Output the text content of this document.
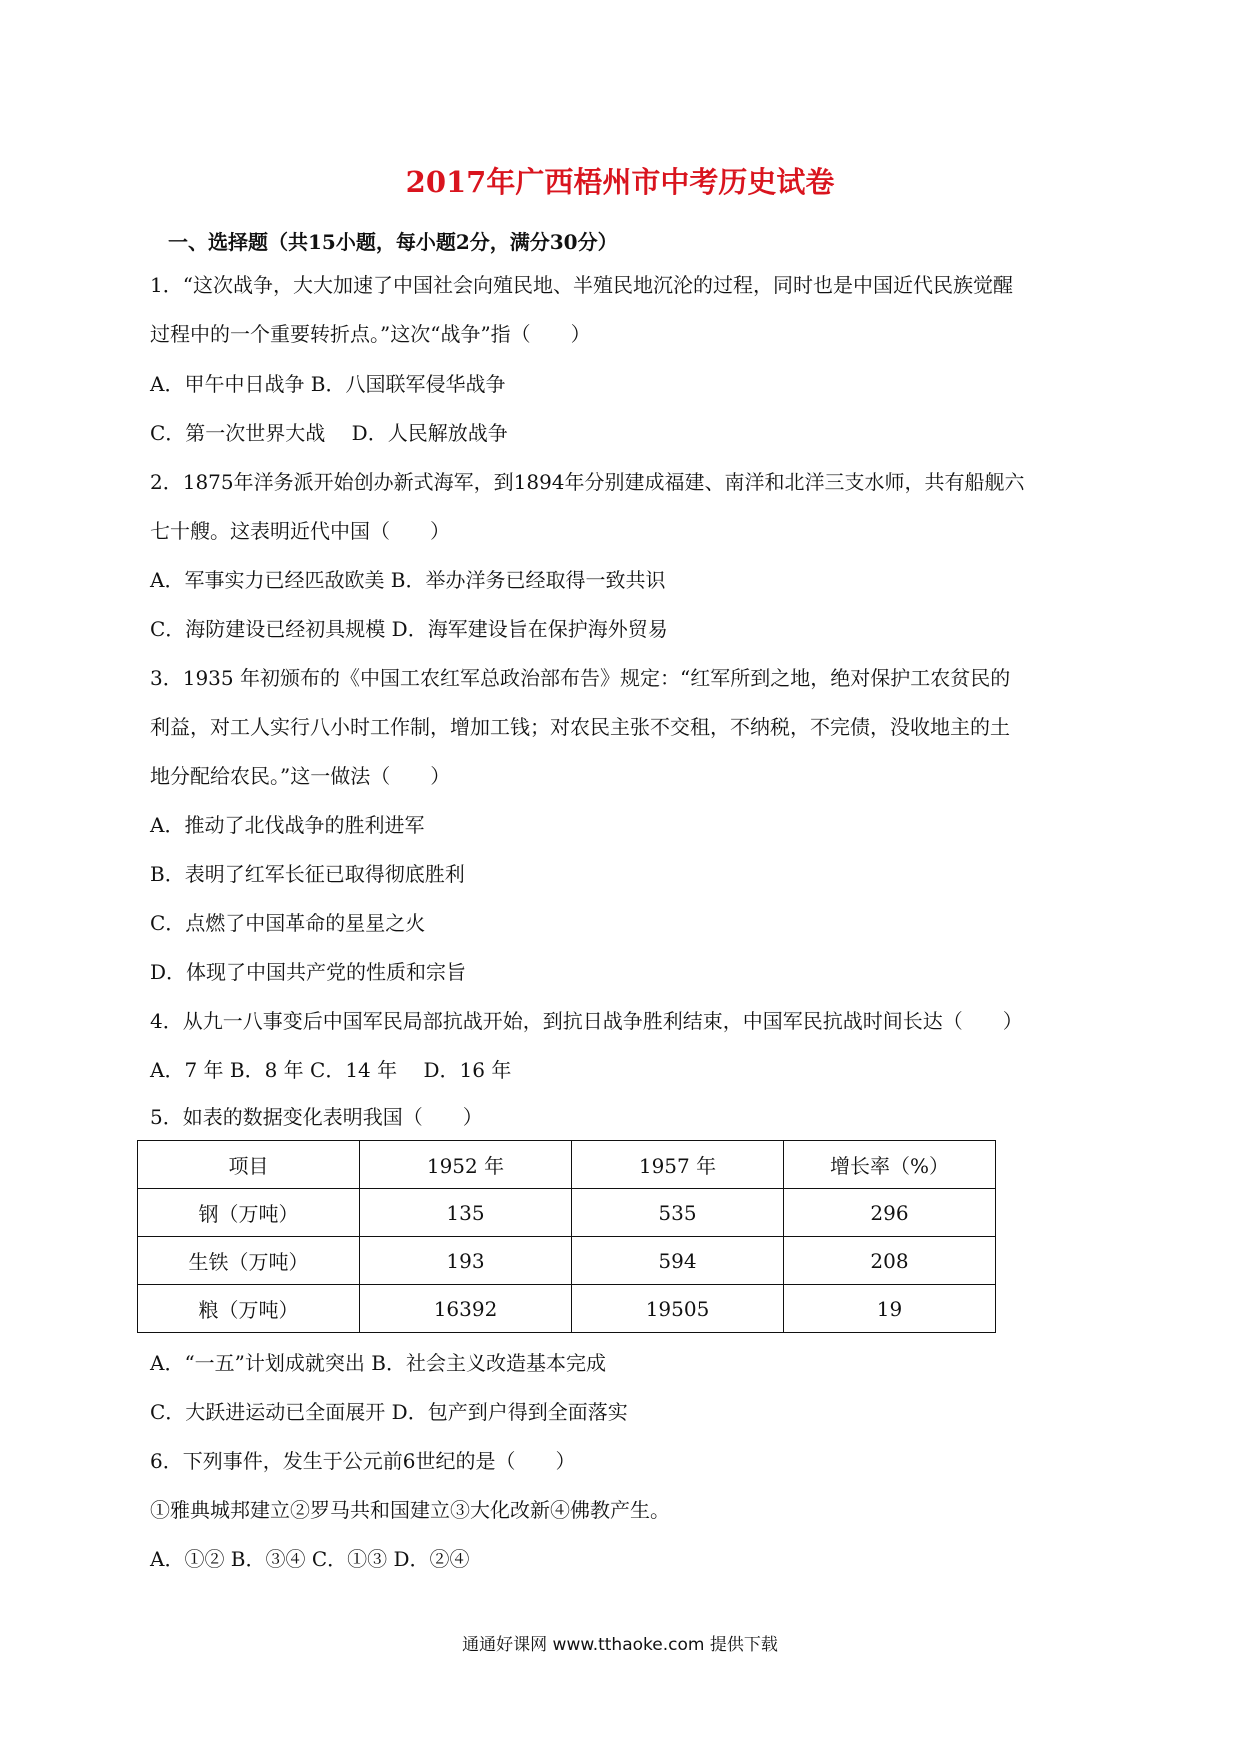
2017年广西梧州市中考历史试卷
一、选择题（共15小题，每小题2分，满分30分）
1．“这次战争，大大加速了中国社会向殖民地、半殖民地沉沦的过程，同时也是中国近代民族觉醒
过程中的一个重要转折点。”这次“战争”指（　　）
A．甲午中日战争 B．八国联军侵华战争
C．第一次世界大战　 D．人民解放战争
2．1875年洋务派开始创办新式海军，到1894年分别建成福建、南洋和北洋三支水师，共有船舰六
七十艘。这表明近代中国（　　）
A．军事实力已经匹敌欧美 B．举办洋务已经取得一致共识
C．海防建设已经初具规模 D．海军建设旨在保护海外贸易
3．1935 年初颁布的《中国工农红军总政治部布告》规定：“红军所到之地，绝对保护工农贫民的
利益，对工人实行八小时工作制，增加工钱；对农民主张不交租，不纳税，不完债，没收地主的土
地分配给农民。”这一做法（　　）
A．推动了北伐战争的胜利进军
B．表明了红军长征已取得彻底胜利
C．点燃了中国革命的星星之火
D．体现了中国共产党的性质和宗旨
4．从九一八事变后中国军民局部抗战开始，到抗日战争胜利结束，中国军民抗战时间长达（　　）
A．7 年 B．8 年 C．14 年　 D．16 年
5．如表的数据变化表明我国（　　）
项目	1952 年	1957 年	增长率（%）
钢（万吨）	135	535	296
生铁（万吨）	193	594	208
粮（万吨）	16392	19505	19
A．“一五”计划成就突出 B．社会主义改造基本完成
C．大跃进运动已全面展开 D．包产到户得到全面落实
6．下列事件，发生于公元前6世纪的是（　　）
①雅典城邦建立②罗马共和国建立③大化改新④佛教产生。
A．①② B．③④ C．①③ D．②④
通通好课网 www.tthaoke.com 提供下载
